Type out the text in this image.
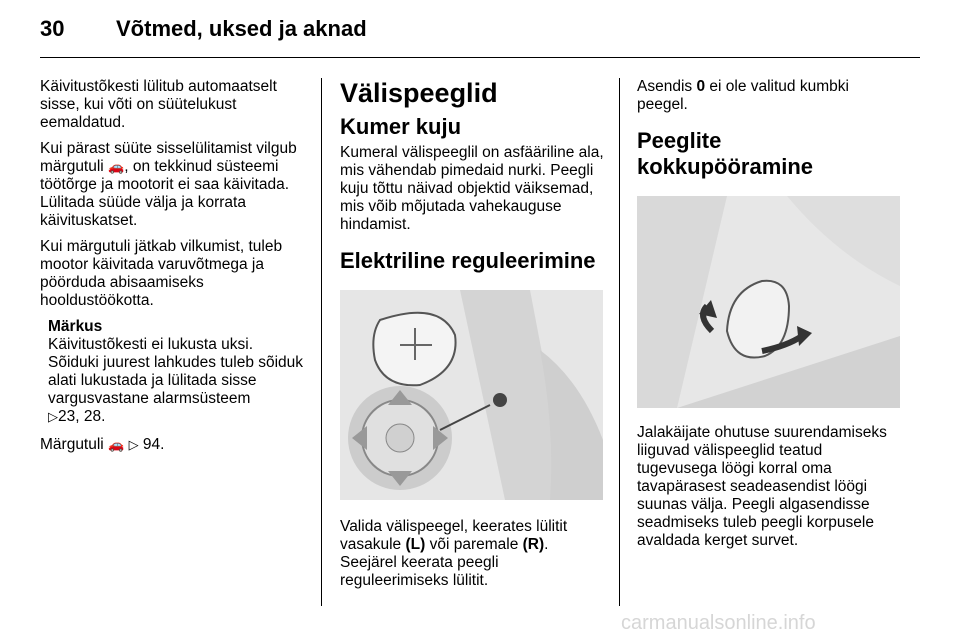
30 Võtmed, uksed ja aknad

Käivitustõkesti lülitub automaatselt sisse, kui võti on süütelukust eemaldatud.

Kui pärast süüte sisselülitamist vilgub märgutuli 🚗, on tekkinud süsteemi töötõrge ja mootorit ei saa käivitada. Lülitada süüde välja ja korrata käivituskatset.

Kui märgutuli jätkab vilkumist, tuleb mootor käivitada varuvõtmega ja pöörduda abisaamiseks hooldustöökotta.

Märkus
Käivitustõkesti ei lukusta uksi. Sõiduki juurest lahkudes tuleb sõiduk alati lukustada ja lülitada sisse vargusvastane alarmsüsteem
▷23, 28.

Märgutuli 🚗 ▷ 94.

Välispeeglid
Kumer kuju

Kumeral välispeeglil on asfääriline ala, mis vähendab pimedaid nurki. Peegli kuju tõttu näivad objektid väiksemad, mis võib mõjutada vahekauguse hindamist.

Elektriline reguleerimine

Valida välispeegel, keerates lülitit vasakule (L) või paremale (R). Seejärel keerata peegli reguleerimiseks lülitit.

Asendis 0 ei ole valitud kumbki peegel.

Peeglite kokkupööramine

Jalakäijate ohutuse suurendamiseks liiguvad välispeeglid teatud tugevusega löögi korral oma tavapärasest seadeasendist löögi suunas välja. Peegli algasendisse seadmiseks tuleb peegli korpusele avaldada kerget survet.

carmanualsonline.info
